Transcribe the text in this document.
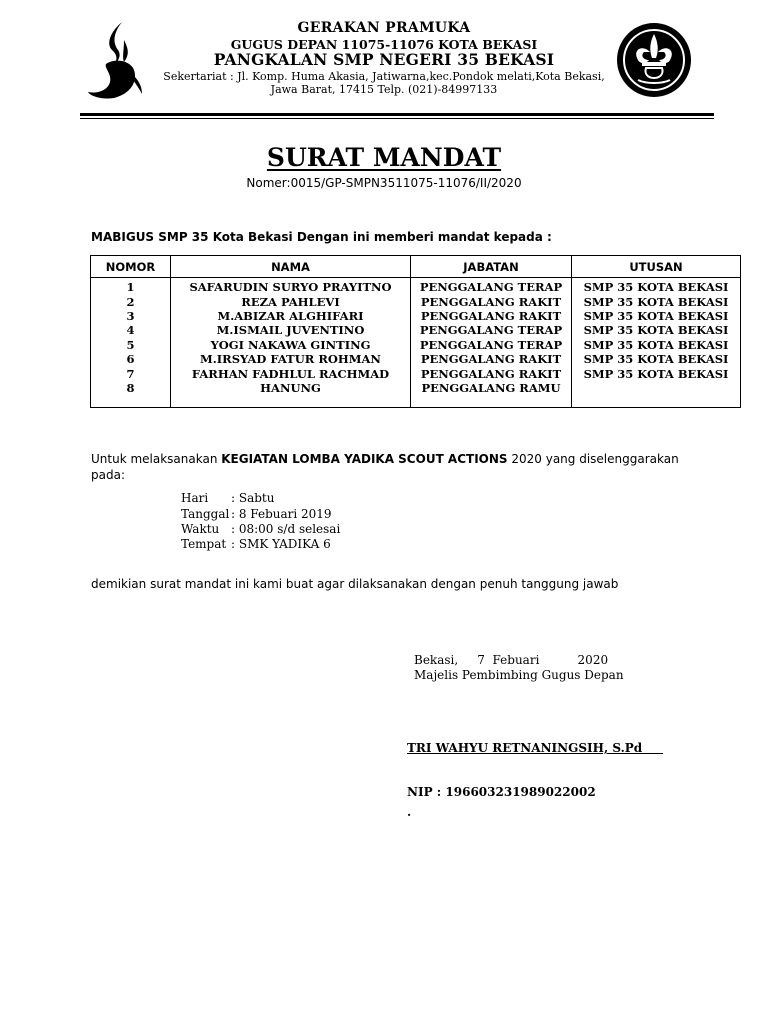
GERAKAN PRAMUKA
GUGUS DEPAN 11075-11076 KOTA BEKASI
PANGKALAN SMP NEGERI 35 BEKASI
Sekertariat : Jl. Komp. Huma Akasia, Jatiwarna,kec.Pondok melati,Kota Bekasi,
Jawa Barat, 17415 Telp. (021)-84997133
SURAT MANDAT
Nomer:0015/GP-SMPN3511075-11076/II/2020
MABIGUS SMP 35 Kota Bekasi Dengan ini memberi mandat kepada :
NOMOR	NAMA	JABATAN	UTUSAN
1	SAFARUDIN SURYO PRAYITNO	PENGGALANG TERAP	SMP 35 KOTA BEKASI
2	REZA PAHLEVI	PENGGALANG RAKIT	SMP 35 KOTA BEKASI
3	M.ABIZAR ALGHIFARI	PENGGALANG RAKIT	SMP 35 KOTA BEKASI
4	M.ISMAIL JUVENTINO	PENGGALANG TERAP	SMP 35 KOTA BEKASI
5	YOGI NAKAWA GINTING	PENGGALANG TERAP	SMP 35 KOTA BEKASI
6	M.IRSYAD FATUR ROHMAN	PENGGALANG RAKIT	SMP 35 KOTA BEKASI
7	FARHAN FADHLUL RACHMAD	PENGGALANG RAKIT	SMP 35 KOTA BEKASI
8	HANUNG	PENGGALANG RAMU	

Untuk melaksanakan KEGIATAN LOMBA YADIKA SCOUT ACTIONS 2020 yang diselenggarakan pada:
Hari : Sabtu
Tanggal : 8 Febuari 2019
Waktu : 08:00 s/d selesai
Tempat : SMK YADIKA 6
demikian surat mandat ini kami buat agar dilaksanakan dengan penuh tanggung jawab
Bekasi,     7  Febuari          2020
Majelis Pembimbing Gugus Depan
TRI WAHYU RETNANINGSIH, S.Pd
NIP : 196603231989022002
.
